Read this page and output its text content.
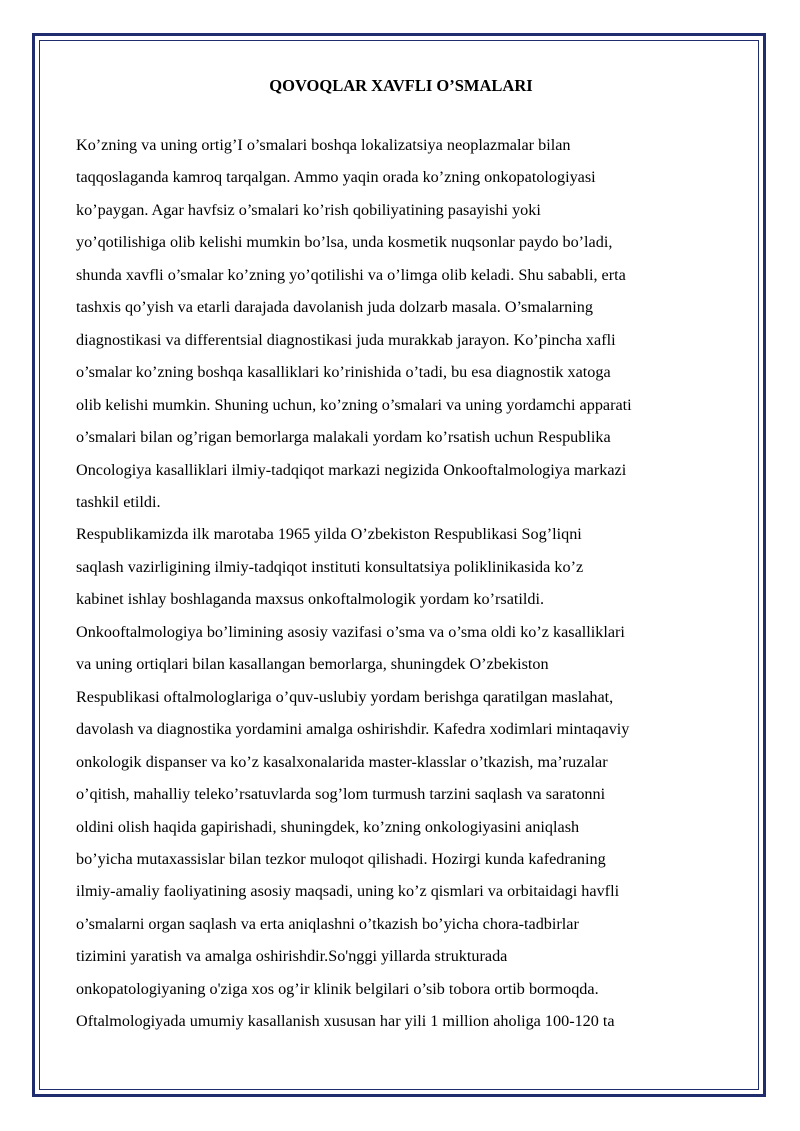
QOVOQLAR XAVFLI O’SMALARI

Ko’zning va uning ortig’I o’smalari boshqa lokalizatsiya neoplazmalar bilan

taqqoslaganda kamroq tarqalgan. Ammo yaqin orada ko’zning onkopatologiyasi

ko’paygan. Agar havfsiz o’smalari ko’rish qobiliyatining pasayishi yoki

yo’qotilishiga olib kelishi mumkin bo’lsa, unda kosmetik nuqsonlar paydo bo’ladi,

shunda xavfli o’smalar ko’zning yo’qotilishi va o’limga olib keladi. Shu sababli, erta

tashxis qo’yish va etarli darajada davolanish juda dolzarb masala. O’smalarning

diagnostikasi va differentsial diagnostikasi juda murakkab jarayon. Ko’pincha xafli

o’smalar ko’zning boshqa kasalliklari ko’rinishida o’tadi, bu esa diagnostik xatoga

olib kelishi mumkin. Shuning uchun, ko’zning o’smalari va uning yordamchi apparati

o’smalari bilan og’rigan bemorlarga malakali yordam ko’rsatish uchun Respublika

Oncologiya kasalliklari ilmiy-tadqiqot markazi negizida Onkooftalmologiya markazi

tashkil etildi.

Respublikamizda ilk marotaba 1965 yilda O’zbekiston Respublikasi Sog’liqni

saqlash vazirligining ilmiy-tadqiqot instituti konsultatsiya poliklinikasida ko’z

kabinet ishlay boshlaganda maxsus onkoftalmologik yordam ko’rsatildi.

Onkooftalmologiya bo’limining asosiy vazifasi o’sma va o’sma oldi ko’z kasalliklari

va uning ortiqlari bilan kasallangan bemorlarga, shuningdek O’zbekiston

Respublikasi oftalmologlariga o’quv-uslubiy yordam berishga qaratilgan maslahat,

davolash va diagnostika yordamini amalga oshirishdir. Kafedra xodimlari mintaqaviy

onkologik dispanser va ko’z kasalxonalarida master-klasslar o’tkazish, ma’ruzalar

o’qitish, mahalliy teleko’rsatuvlarda sog’lom turmush tarzini saqlash va saratonni

oldini olish haqida gapirishadi, shuningdek, ko’zning onkologiyasini aniqlash

bo’yicha mutaxassislar bilan tezkor muloqot qilishadi. Hozirgi kunda kafedraning

ilmiy-amaliy faoliyatining asosiy maqsadi, uning ko’z qismlari va orbitaidagi havfli

o’smalarni organ saqlash va erta aniqlashni o’tkazish bo’yicha chora-tadbirlar

tizimini yaratish va amalga oshirishdir.So'nggi yillarda strukturada

onkopatologiyaning o'ziga xos og’ir klinik belgilari o’sib tobora ortib bormoqda.

Oftalmologiyada umumiy kasallanish xususan har yili 1 million aholiga 100-120 ta
